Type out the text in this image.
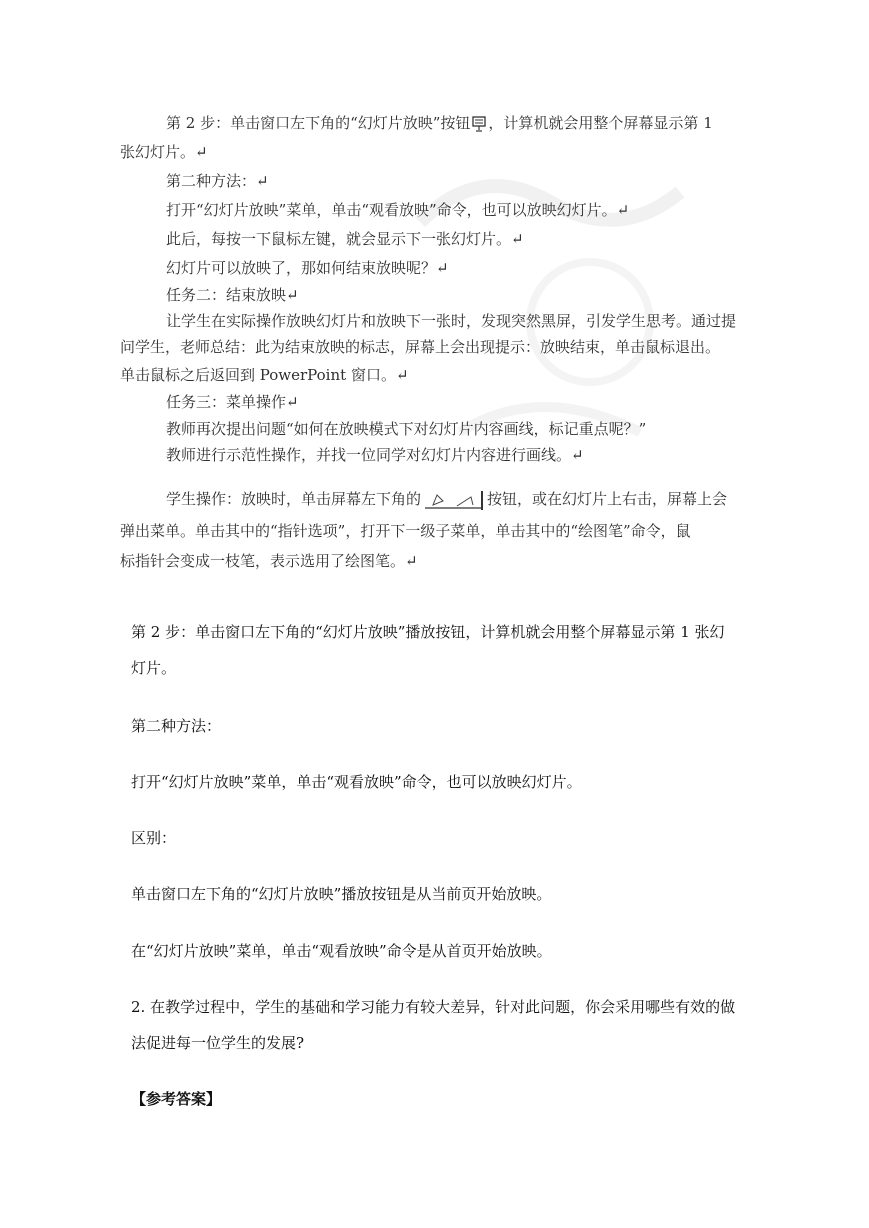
第 2 步：单击窗口左下角的“幻灯片放映”按钮 ，计算机就会用整个屏幕显示第 1
张幻灯片。↵
第二种方法：↵
打开“幻灯片放映”菜单，单击“观看放映”命令，也可以放映幻灯片。↵
此后，每按一下鼠标左键，就会显示下一张幻灯片。↵
幻灯片可以放映了，那如何结束放映呢？↵
任务二：结束放映↵
让学生在实际操作放映幻灯片和放映下一张时，发现突然黑屏，引发学生思考。通过提
问学生，老师总结：此为结束放映的标志，屏幕上会出现提示：放映结束，单击鼠标退出。
单击鼠标之后返回到 PowerPoint 窗口。↵
任务三：菜单操作↵
教师再次提出问题“如何在放映模式下对幻灯片内容画线，标记重点呢？”
教师进行示范性操作，并找一位同学对幻灯片内容进行画线。↵
学生操作：放映时，单击屏幕左下角的	按钮，或在幻灯片上右击，屏幕上会
弹出菜单。单击其中的“指针选项”，打开下一级子菜单，单击其中的“绘图笔”命令，鼠
标指针会变成一枝笔，表示选用了绘图笔。↵
第 2 步：单击窗口左下角的“幻灯片放映”播放按钮，计算机就会用整个屏幕显示第 1 张幻
灯片。
第二种方法：
打开“幻灯片放映”菜单，单击“观看放映”命令，也可以放映幻灯片。
区别：
单击窗口左下角的“幻灯片放映”播放按钮是从当前页开始放映。
在“幻灯片放映”菜单，单击“观看放映”命令是从首页开始放映。
2. 在教学过程中，学生的基础和学习能力有较大差异，针对此问题，你会采用哪些有效的做
法促进每一位学生的发展?
【参考答案】
